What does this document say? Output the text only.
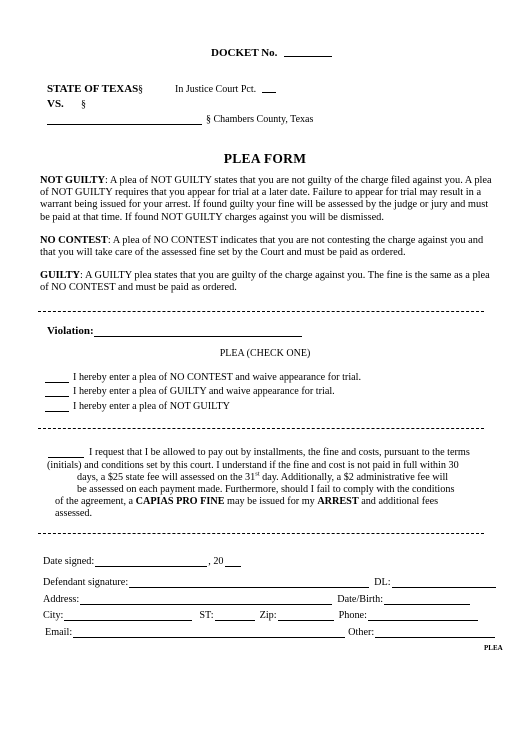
DOCKET No.
STATE OF TEXAS §	In Justice Court Pct.
VS. §
§ Chambers County, Texas
PLEA FORM
NOT GUILTY: A plea of NOT GUILTY states that you are not guilty of the charge filed against you. A plea of NOT GUILTY requires that you appear for trial at a later date. Failure to appear for trial may result in a warrant being issued for your arrest. If found guilty your fine will be assessed by the judge or jury and must be paid at that time. If found NOT GUILTY charges against you will be dismissed.
NO CONTEST: A plea of NO CONTEST indicates that you are not contesting the charge against you and that you will take care of the assessed fine set by the Court and must be paid as ordered.
GUILTY: A GUILTY plea states that you are guilty of the charge against you. The fine is the same as a plea of NO CONTEST and must be paid as ordered.
Violation :
PLEA (CHECK ONE)
I hereby enter a plea of NO CONTEST and waive appearance for trial.
I hereby enter a plea of GUILTY and waive appearance for trial.
I hereby enter a plea of NOT GUILTY
I request that I be allowed to pay out by installments, the fine and costs, pursuant to the terms
(initials) and conditions set by this court. I understand if the fine and cost is not paid in full within 30
days, a $25 state fee will assessed on the 31st day. Additionally, a $2 administrative fee will
be assessed on each payment made. Furthermore, should I fail to comply with the conditions
of the agreement, a CAPIAS PRO FINE may be issued for my ARREST and additional fees
assessed.
Date signed:	, 20
Defendant signature:	DL:
Address:	Date/Birth:
City:	ST:	Zip:	Phone:
Email:	Other:
PLEA
